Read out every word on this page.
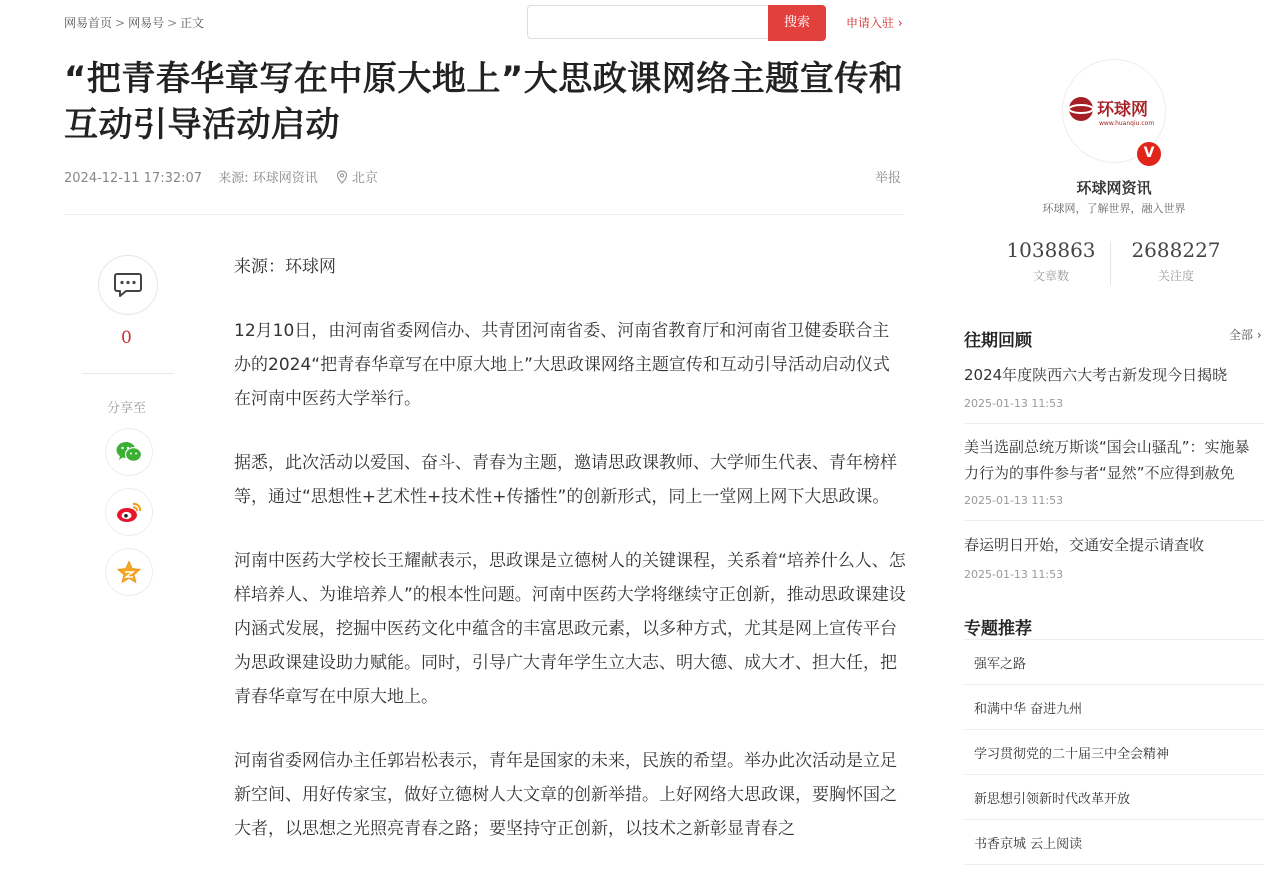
网易首页 > 网易号 > 正文	搜索	申请入驻 ›
“把青春华章写在中原大地上”大思政课网络主题宣传和互动引导活动启动
2024-12-11 17:32:07 来源: 环球网资讯	北京	举报
0
分享至

来源：环球网

12月10日，由河南省委网信办、共青团河南省委、河南省教育厅和河南省卫健委联合主办的2024“把青春华章写在中原大地上”大思政课网络主题宣传和互动引导活动启动仪式在河南中医药大学举行。

据悉，此次活动以爱国、奋斗、青春为主题，邀请思政课教师、大学师生代表、青年榜样等，通过“思想性+艺术性+技术性+传播性”的创新形式，同上一堂网上网下大思政课。

河南中医药大学校长王耀献表示，思政课是立德树人的关键课程，关系着“培养什么人、怎样培养人、为谁培养人”的根本性问题。河南中医药大学将继续守正创新，推动思政课建设内涵式发展，挖掘中医药文化中蕴含的丰富思政元素，以多种方式，尤其是网上宣传平台为思政课建设助力赋能。同时，引导广大青年学生立大志、明大德、成大才、担大任，把青春华章写在中原大地上。

河南省委网信办主任郭岩松表示，青年是国家的未来，民族的希望。举办此次活动是立足新空间、用好传家宝，做好立德树人大文章的创新举措。上好网络大思政课，要胸怀国之大者，以思想之光照亮青春之路；要坚持守正创新，以技术之新彰显青春之

环球网
www.huanqiu.com
V
环球网资讯
环球网，了解世界，融入世界
1038863
文章数
2688227
关注度
往期回顾	全部 ›
2024年度陕西六大考古新发现今日揭晓
2025-01-13 11:53
美当选副总统万斯谈“国会山骚乱”：实施暴力行为的事件参与者“显然”不应得到赦免
2025-01-13 11:53
春运明日开始，交通安全提示请查收
2025-01-13 11:53
专题推荐
强军之路
和满中华 奋进九州
学习贯彻党的二十届三中全会精神
新思想引领新时代改革开放
书香京城 云上阅读
